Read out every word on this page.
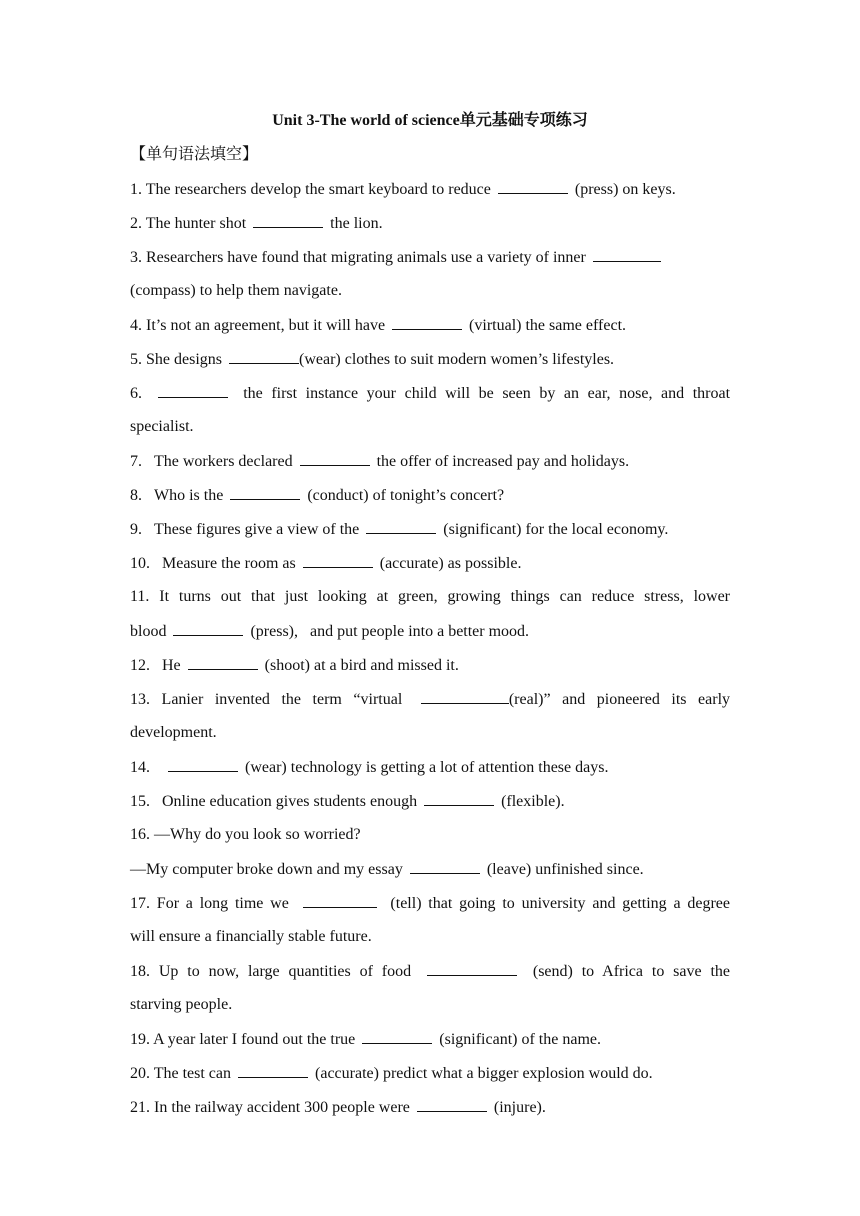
Unit 3-The world of science单元基础专项练习
【单句语法填空】
1. The researchers develop the smart keyboard to reduce	(press) on keys.
2. The hunter shot	the lion.
3. Researchers have found that migrating animals use a variety of inner
(compass) to help them navigate.
4. It’s not an agreement, but it will have	(virtual) the same effect.
5. She designs	(wear) clothes to suit modern women’s lifestyles.
6.	the first instance your child will be seen by an ear, nose, and throat
specialist.
7. The workers declared	the offer of increased pay and holidays.
8. Who is the	(conduct) of tonight’s concert?
9. These figures give a view of the	(significant) for the local economy.
10. Measure the room as	(accurate) as possible.
11. It turns out that just looking at green, growing things can reduce stress, lower
blood	(press), and put people into a better mood.
12. He	(shoot) at a bird and missed it.
13. Lanier invented the term “virtual	(real)” and pioneered its early
development.
14.	(wear) technology is getting a lot of attention these days.
15. Online education gives students enough	(flexible).
16. —Why do you look so worried?
—My computer broke down and my essay	(leave) unfinished since.
17. For a long time we	(tell) that going to university and getting a degree
will ensure a financially stable future.
18. Up to now, large quantities of food	(send) to Africa to save the
starving people.
19. A year later I found out the true	(significant) of the name.
20. The test can	(accurate) predict what a bigger explosion would do.
21. In the railway accident 300 people were	(injure).
